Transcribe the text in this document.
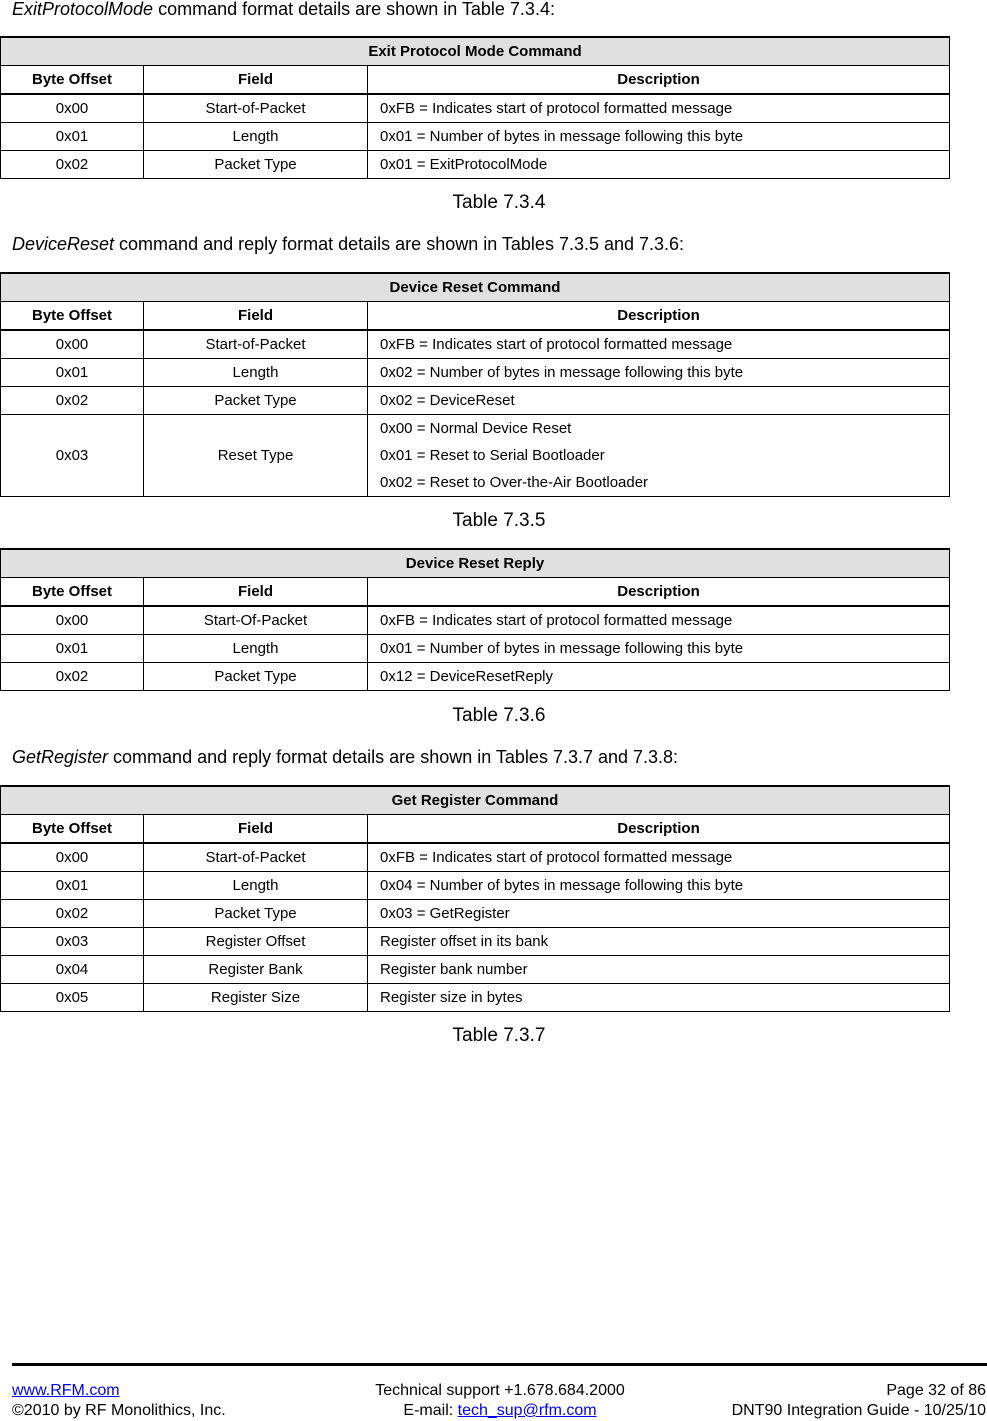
ExitProtocolMode command format details are shown in Table 7.3.4:

Exit Protocol Mode Command		
Byte Offset	Field	Description
0x00	Start-of-Packet	0xFB = Indicates start of protocol formatted message
0x01	Length	0x01 = Number of bytes in message following this byte
0x02	Packet Type	0x01 = ExitProtocolMode

Table 7.3.4

DeviceReset command and reply format details are shown in Tables 7.3.5 and 7.3.6:

Device Reset Command		
Byte Offset	Field	Description
0x00	Start-of-Packet	0xFB = Indicates start of protocol formatted message
0x01	Length	0x02 = Number of bytes in message following this byte
0x02	Packet Type	0x02 = DeviceReset
0x03	Reset Type	0x00 = Normal Device Reset
0x01 = Reset to Serial Bootloader
0x02 = Reset to Over-the-Air Bootloader

Table 7.3.5

Device Reset Reply		
Byte Offset	Field	Description
0x00	Start-Of-Packet	0xFB = Indicates start of protocol formatted message
0x01	Length	0x01 = Number of bytes in message following this byte
0x02	Packet Type	0x12 = DeviceResetReply

Table 7.3.6

GetRegister command and reply format details are shown in Tables 7.3.7 and 7.3.8:

Get Register Command		
Byte Offset	Field	Description
0x00	Start-of-Packet	0xFB = Indicates start of protocol formatted message
0x01	Length	0x04 = Number of bytes in message following this byte
0x02	Packet Type	0x03 = GetRegister
0x03	Register Offset	Register offset in its bank
0x04	Register Bank	Register bank number
0x05	Register Size	Register size in bytes

Table 7.3.7

www.RFM.com

©2010 by RF Monolithics, Inc.

Technical support +1.678.684.2000

E-mail: tech_sup@rfm.com

Page 32 of 86

DNT90 Integration Guide - 10/25/10
